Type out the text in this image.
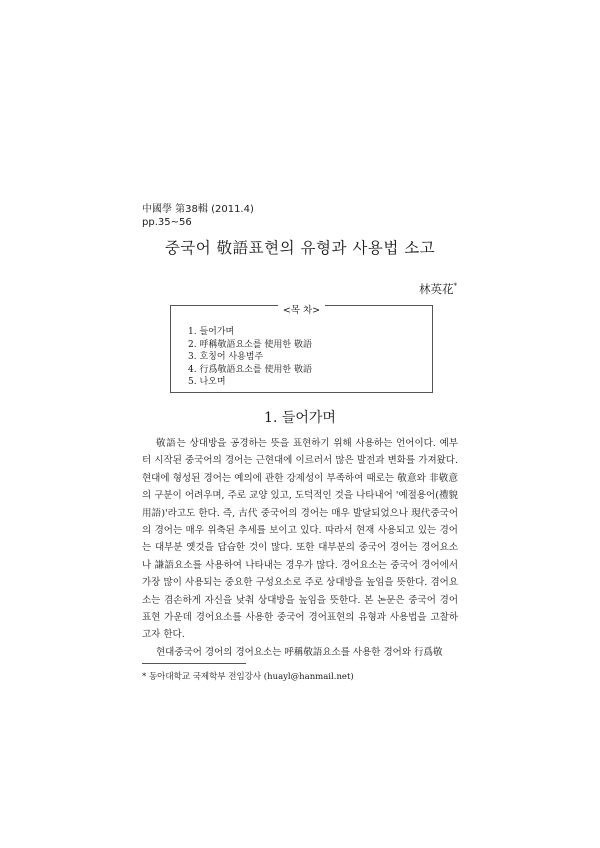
中國學 第38輯 (2011.4)
pp.35~56
중국어 敬語표현의 유형과 사용법 소고
林英花*
<목 차>
1. 들어가며
2. 呼稱敬語요소를 使用한 敬語
3. 호칭어 사용범주
4. 行爲敬語요소를 使用한 敬語
5. 나오며
1. 들어가며

敬語는 상대방을 공경하는 뜻을 표현하기 위해 사용하는 언어이다. 예부터 시작된 중국어의 경어는 근현대에 이르러서 많은 발전과 변화를 가져왔다. 현대에 형성된 경어는 예의에 관한 강제성이 부족하여 때로는 敬意와 非敬意의 구분이 어려우며, 주로 교양 있고, 도덕적인 것을 나타내어 '예절용어(禮貌用語)'라고도 한다. 즉, 古代 중국어의 경어는 매우 발달되었으나 現代중국어의 경어는 매우 위축된 추세를 보이고 있다. 따라서 현재 사용되고 있는 경어는 대부분 옛것을 답습한 것이 많다. 또한 대부분의 중국어 경어는 경어요소나 謙語요소를 사용하여 나타내는 경우가 많다. 경어요소는 중국어 경어에서 가장 많이 사용되는 중요한 구성요소로 주로 상대방을 높임을 뜻한다. 겸어요소는 겸손하게 자신을 낮춰 상대방을 높임을 뜻한다. 본 논문은 중국어 경어표현 가운데 경어요소를 사용한 중국어 경어표현의 유형과 사용법을 고찰하고자 한다.

현대중국어 경어의 경어요소는 呼稱敬語요소를 사용한 경어와 行爲敬

* 동아대학교 국제학부 전임강사 (huayl@hanmail.net)
